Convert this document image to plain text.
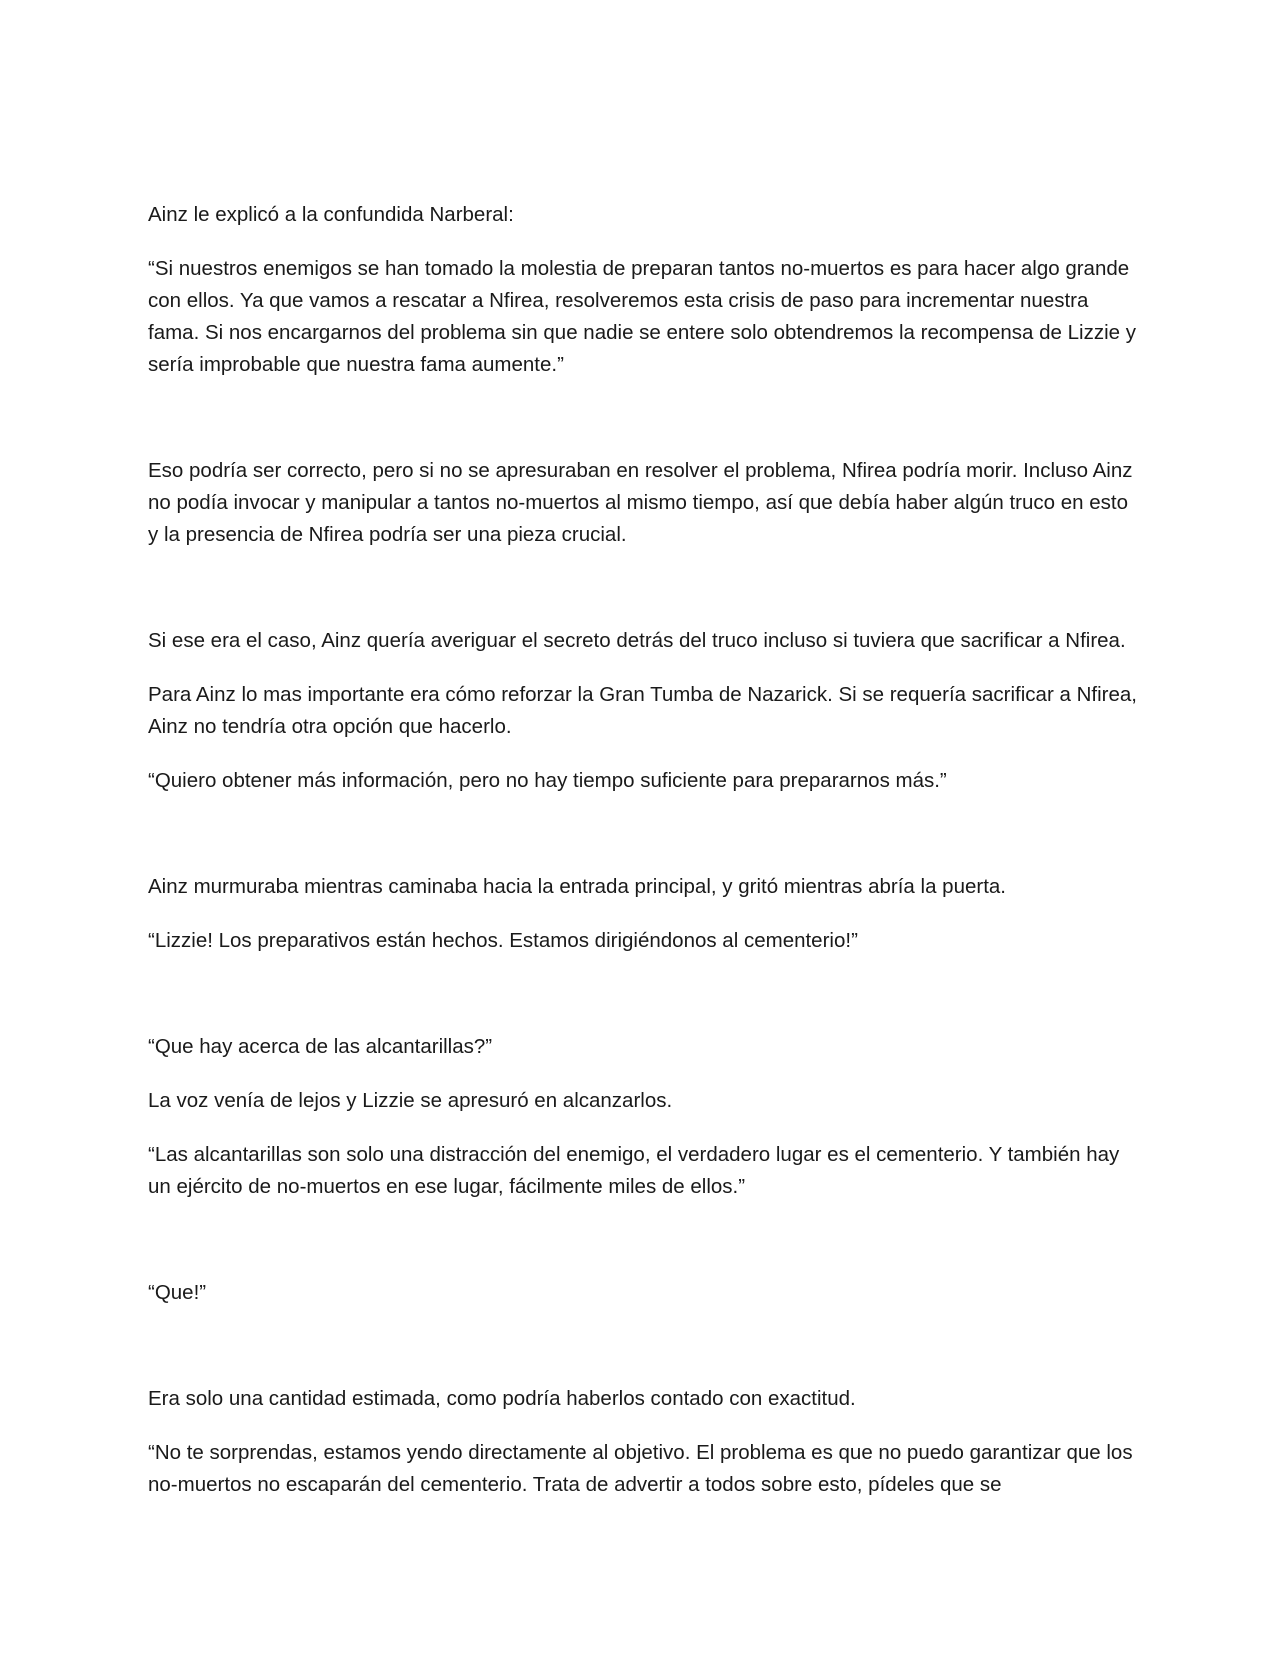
Ainz le explicó a la confundida Narberal:

“Si nuestros enemigos se han tomado la molestia de preparan tantos no-muertos es para hacer algo grande con ellos. Ya que vamos a rescatar a Nfirea, resolveremos esta crisis de paso para incrementar nuestra fama. Si nos encargarnos del problema sin que nadie se entere solo obtendremos la recompensa de Lizzie y sería improbable que nuestra fama aumente.”

Eso podría ser correcto, pero si no se apresuraban en resolver el problema, Nfirea podría morir. Incluso Ainz no podía invocar y manipular a tantos no-muertos al mismo tiempo, así que debía haber algún truco en esto y la presencia de Nfirea podría ser una pieza crucial.

Si ese era el caso, Ainz quería averiguar el secreto detrás del truco incluso si tuviera que sacrificar a Nfirea.

Para Ainz lo mas importante era cómo reforzar la Gran Tumba de Nazarick. Si se requería sacrificar a Nfirea, Ainz no tendría otra opción que hacerlo.

“Quiero obtener más información, pero no hay tiempo suficiente para prepararnos más.”

Ainz murmuraba mientras caminaba hacia la entrada principal, y gritó mientras abría la puerta.

“Lizzie! Los preparativos están hechos. Estamos dirigiéndonos al cementerio!”

“Que hay acerca de las alcantarillas?”

La voz venía de lejos y Lizzie se apresuró en alcanzarlos.

“Las alcantarillas son solo una distracción del enemigo, el verdadero lugar es el cementerio. Y también hay un ejército de no-muertos en ese lugar, fácilmente miles de ellos.”

“Que!”

Era solo una cantidad estimada, como podría haberlos contado con exactitud.

“No te sorprendas, estamos yendo directamente al objetivo. El problema es que no puedo garantizar que los no-muertos no escaparán del cementerio. Trata de advertir a todos sobre esto, pídeles que se
